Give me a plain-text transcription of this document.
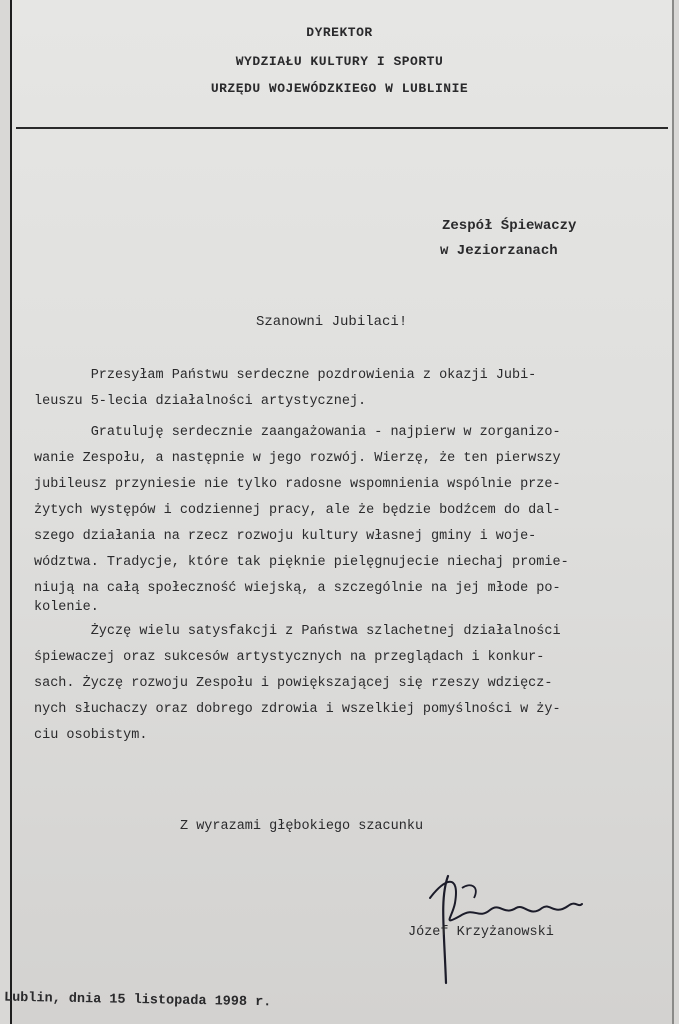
DYREKTOR
WYDZIAŁU KULTURY I SPORTU
URZĘDU WOJEWÓDZKIEGO W LUBLINIE
Zespół Śpiewaczy
w Jeziorzanach
Szanowni Jubilaci!
Przesyłam Państwu serdeczne pozdrowienia z okazji Jubi-
leuszu 5-lecia działalności artystycznej.
Gratuluję serdecznie zaangażowania - najpierw w zorganizo-
wanie Zespołu, a następnie w jego rozwój. Wierzę, że ten pierwszy
jubileusz przyniesie nie tylko radosne wspomnienia wspólnie prze-
żytych występów i codziennej pracy, ale że będzie bodźcem do dal-
szego działania na rzecz rozwoju kultury własnej gminy i woje-
wództwa. Tradycje, które tak pięknie pielęgnujecie niechaj promie-
niują na całą społeczność wiejską, a szczególnie na jej młode po-
kolenie.
Życzę wielu satysfakcji z Państwa szlachetnej działalności
śpiewaczej oraz sukcesów artystycznych na przeglądach i konkur-
sach. Życzę rozwoju Zespołu i powiększającej się rzeszy wdzięcz-
nych słuchaczy oraz dobrego zdrowia i wszelkiej pomyślności w ży-
ciu osobistym.
Z wyrazami głębokiego szacunku
Józef Krzyżanowski
Lublin, dnia 15 listopada 1998 r.
